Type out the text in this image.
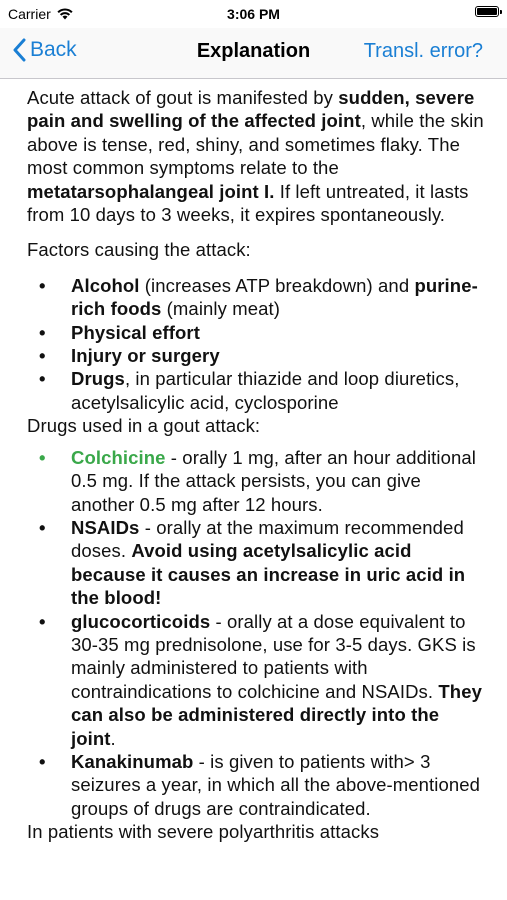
Carrier	3:06 PM
Back	Explanation	Transl. error?

Acute attack of gout is manifested by sudden, severe pain and swelling of the affected joint, while the skin above is tense, red, shiny, and sometimes flaky. The most common symptoms relate to the metatarsophalangeal joint I. If left untreated, it lasts from 10 days to 3 weeks, it expires spontaneously.

Factors causing the attack:

• Alcohol (increases ATP breakdown) and purine-rich foods (mainly meat)
• Physical effort
• Injury or surgery
• Drugs, in particular thiazide and loop diuretics, acetylsalicylic acid, cyclosporine
Drugs used in a gout attack:
• Colchicine - orally 1 mg, after an hour additional 0.5 mg. If the attack persists, you can give another 0.5 mg after 12 hours.
• NSAIDs - orally at the maximum recommended doses. Avoid using acetylsalicylic acid because it causes an increase in uric acid in the blood!
• glucocorticoids - orally at a dose equivalent to 30-35 mg prednisolone, use for 3-5 days. GKS is mainly administered to patients with contraindications to colchicine and NSAIDs. They can also be administered directly into the joint.
• Kanakinumab - is given to patients with> 3 seizures a year, in which all the above-mentioned groups of drugs are contraindicated.
In patients with severe polyarthritis attacks
